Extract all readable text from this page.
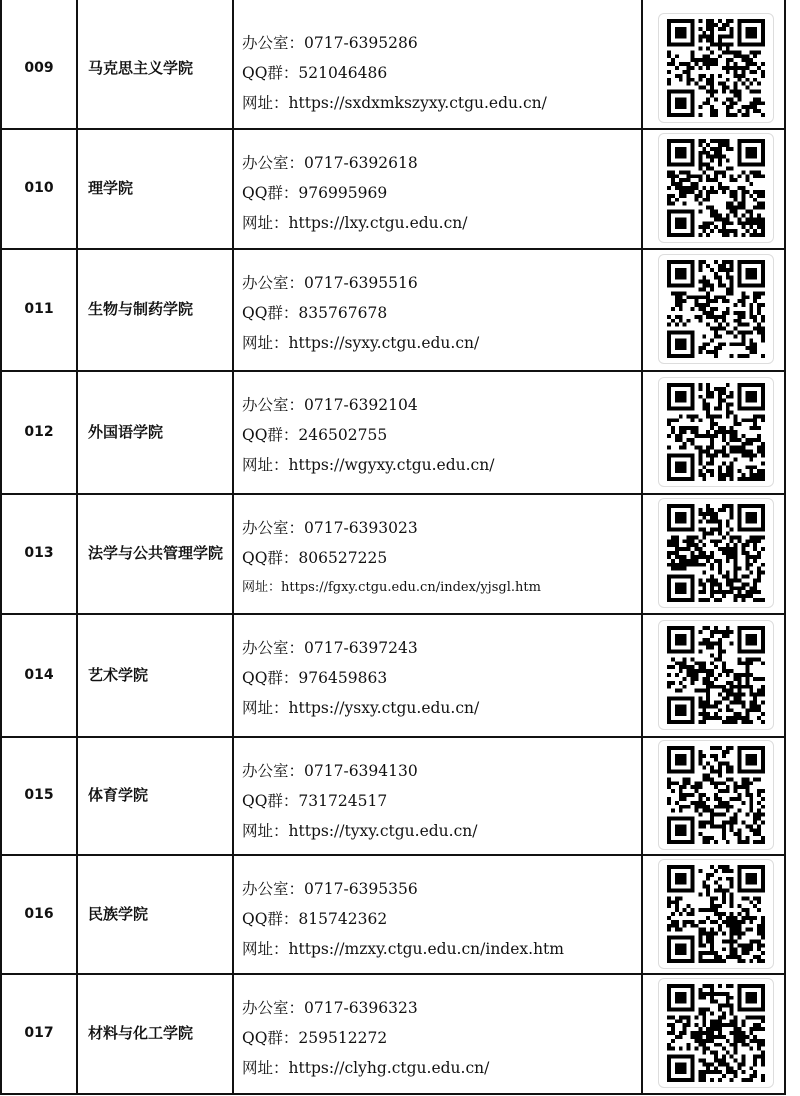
009	马克思主义学院
办公室：0717-6395286
QQ群：521046486
网址：https://sxdxmkszyxy.ctgu.edu.cn/
010	理学院
办公室：0717-6392618
QQ群：976995969
网址：https://lxy.ctgu.edu.cn/
011	生物与制药学院
办公室：0717-6395516
QQ群：835767678
网址：https://syxy.ctgu.edu.cn/
012	外国语学院
办公室：0717-6392104
QQ群：246502755
网址：https://wgyxy.ctgu.edu.cn/
013	法学与公共管理学院
办公室：0717-6393023
QQ群：806527225
网址：https://fgxy.ctgu.edu.cn/index/yjsgl.htm
014	艺术学院
办公室：0717-6397243
QQ群：976459863
网址：https://ysxy.ctgu.edu.cn/
015	体育学院
办公室：0717-6394130
QQ群：731724517
网址：https://tyxy.ctgu.edu.cn/
016	民族学院
办公室：0717-6395356
QQ群：815742362
网址：https://mzxy.ctgu.edu.cn/index.htm
017	材料与化工学院
办公室：0717-6396323
QQ群：259512272
网址：https://clyhg.ctgu.edu.cn/
